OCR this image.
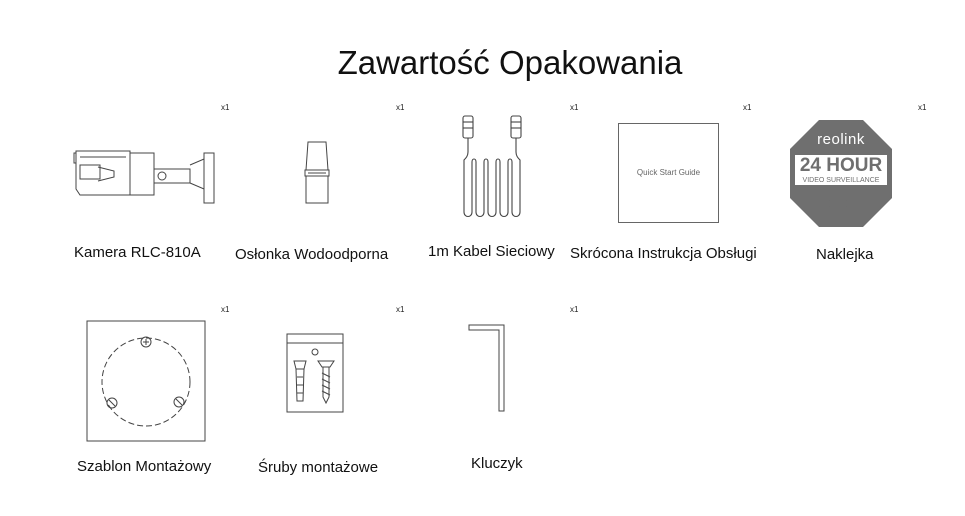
Zawartość Opakowania
x1
Kamera RLC-810A
x1
Osłonka Wodoodporna
x1
1m Kabel Sieciowy
x1
Quick Start Guide
Skrócona Instrukcja Obsługi
x1
reolink
24 HOUR
VIDEO SURVEILLANCE
Naklejka
x1
Szablon Montażowy
x1
Śruby montażowe
x1
Kluczyk
